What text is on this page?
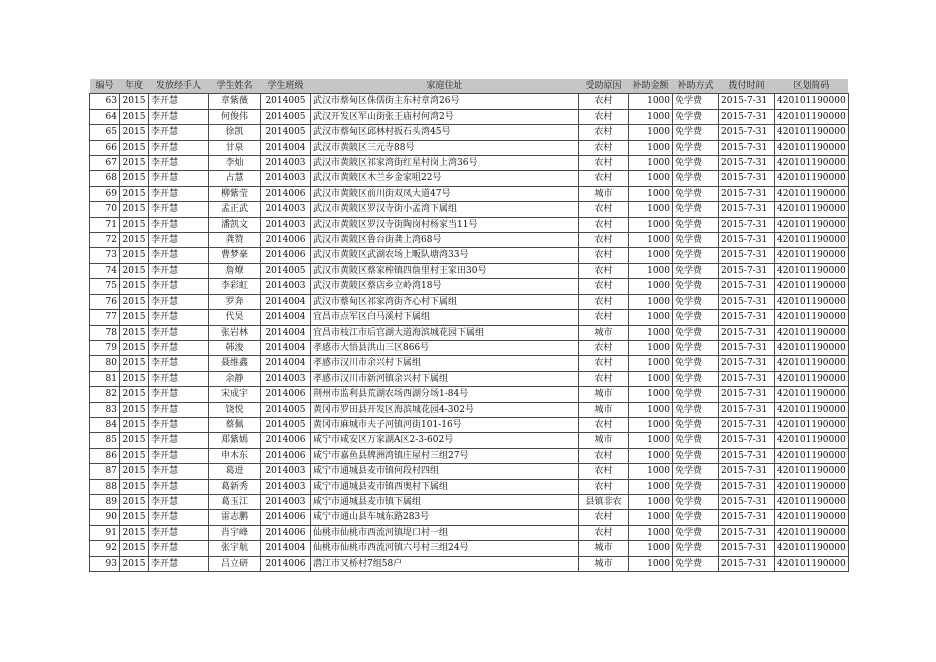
编号	年度	发放经手人	学生姓名	学生班级	家庭住址	受助原因	补助金额	补助方式	拨付时间	区划简码
63	2015	李开慧	章紫薇	2014005	武汉市蔡甸区侏儒街主东村章湾26号	农村	1000	免学费	2015-7-31	420101190000
64	2015	李开慧	何俊伟	2014005	武汉开发区军山街张王庙村何湾2号	农村	1000	免学费	2015-7-31	420101190000
65	2015	李开慧	徐凯	2014005	武汉市蔡甸区邱林村扳石头湾45号	农村	1000	免学费	2015-7-31	420101190000
66	2015	李开慧	甘泉	2014004	武汉市黄陂区三元寺88号	农村	1000	免学费	2015-7-31	420101190000
67	2015	李开慧	李灿	2014003	武汉市黄陂区祁家湾街红星村岗上湾36号	农村	1000	免学费	2015-7-31	420101190000
68	2015	李开慧	占慧	2014003	武汉市黄陂区木兰乡金家咀22号	农村	1000	免学费	2015-7-31	420101190000
69	2015	李开慧	柳紫莹	2014006	武汉市黄陂区前川街双凤大道47号	城市	1000	免学费	2015-7-31	420101190000
70	2015	李开慧	孟正武	2014003	武汉市黄陂区罗汉寺街小孟湾下属组	农村	1000	免学费	2015-7-31	420101190000
71	2015	李开慧	潘凯文	2014003	武汉市黄陂区罗汉寺街陶岗村杨家当11号	农村	1000	免学费	2015-7-31	420101190000
72	2015	李开慧	龚赞	2014006	武汉市黄陂区鲁台街龚上湾68号	农村	1000	免学费	2015-7-31	420101190000
73	2015	李开慧	曹梦豪	2014006	武汉市黄陂区武湖农场上畈队塘湾33号	农村	1000	免学费	2015-7-31	420101190000
74	2015	李开慧	詹燎	2014005	武汉市黄陂区蔡家榨镇四詹里村王家田30号	农村	1000	免学费	2015-7-31	420101190000
75	2015	李开慧	李彩虹	2014003	武汉市黄陂区蔡店乡立岭湾18号	农村	1000	免学费	2015-7-31	420101190000
76	2015	李开慧	罗奔	2014004	武汉市蔡甸区祁家湾街齐心村下属组	农村	1000	免学费	2015-7-31	420101190000
77	2015	李开慧	代昊	2014004	宜昌市点军区白马溪村下属组	农村	1000	免学费	2015-7-31	420101190000
78	2015	李开慧	张岩林	2014004	宜昌市枝江市后官湖大道海滨城花园下属组	城市	1000	免学费	2015-7-31	420101190000
79	2015	李开慧	韩浚	2014004	孝感市大悟县洪山三区866号	农村	1000	免学费	2015-7-31	420101190000
80	2015	李开慧	聂维鑫	2014004	孝感市汉川市余兴村下属组	农村	1000	免学费	2015-7-31	420101190000
81	2015	李开慧	余静	2014003	孝感市汉川市新河镇余兴村下属组	农村	1000	免学费	2015-7-31	420101190000
82	2015	李开慧	宋成宇	2014006	荆州市监利县荒湖农场西湖分场1-84号	城市	1000	免学费	2015-7-31	420101190000
83	2015	李开慧	饶悦	2014005	黄冈市罗田县开发区海滨城花园4-302号	城市	1000	免学费	2015-7-31	420101190000
84	2015	李开慧	蔡佩	2014005	黄冈市麻城市夫子河镇河街101-16号	农村	1000	免学费	2015-7-31	420101190000
85	2015	李开慧	郑紫嫣	2014006	咸宁市咸安区万家湖A区2-3-602号	城市	1000	免学费	2015-7-31	420101190000
86	2015	李开慧	申木东	2014006	咸宁市嘉鱼县牌洲湾镇庄屋村三组27号	农村	1000	免学费	2015-7-31	420101190000
87	2015	李开慧	葛进	2014003	咸宁市通城县麦市镇何段村四组	农村	1000	免学费	2015-7-31	420101190000
88	2015	李开慧	葛新秀	2014003	咸宁市通城县麦市镇西奥村下属组	农村	1000	免学费	2015-7-31	420101190000
89	2015	李开慧	葛玉江	2014003	咸宁市通城县麦市镇下属组	县镇非农	1000	免学费	2015-7-31	420101190000
90	2015	李开慧	雷志鹏	2014006	咸宁市通山县车城东路283号	农村	1000	免学费	2015-7-31	420101190000
91	2015	李开慧	肖宇峰	2014006	仙桃市仙桃市西流河镇堤口村一组	农村	1000	免学费	2015-7-31	420101190000
92	2015	李开慧	张宇航	2014004	仙桃市仙桃市西流河镇六号村三组24号	城市	1000	免学费	2015-7-31	420101190000
93	2015	李开慧	吕立研	2014006	潜江市又桥村7组58户	城市	1000	免学费	2015-7-31	420101190000
